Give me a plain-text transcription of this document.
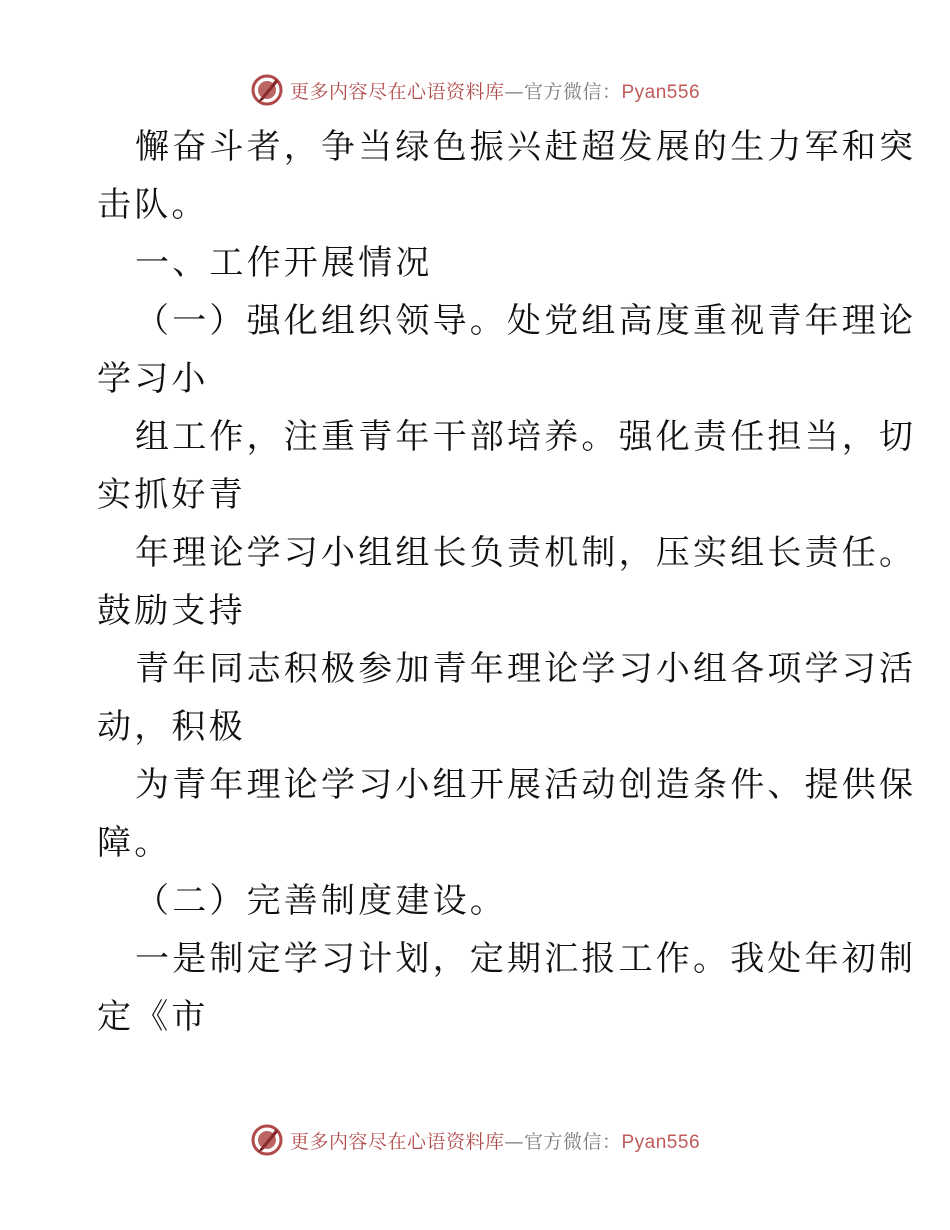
更多内容尽在心语资料库—官方微信：Pyan556
懈奋斗者，争当绿色振兴赶超发展的生力军和突
击队。
一、工作开展情况
（一）强化组织领导。处党组高度重视青年理论
学习小
组工作，注重青年干部培养。强化责任担当，切
实抓好青
年理论学习小组组长负责机制，压实组长责任。
鼓励支持
青年同志积极参加青年理论学习小组各项学习活
动，积极
为青年理论学习小组开展活动创造条件、提供保
障。
（二）完善制度建设。
一是制定学习计划，定期汇报工作。我处年初制
定《市
更多内容尽在心语资料库—官方微信：Pyan556
